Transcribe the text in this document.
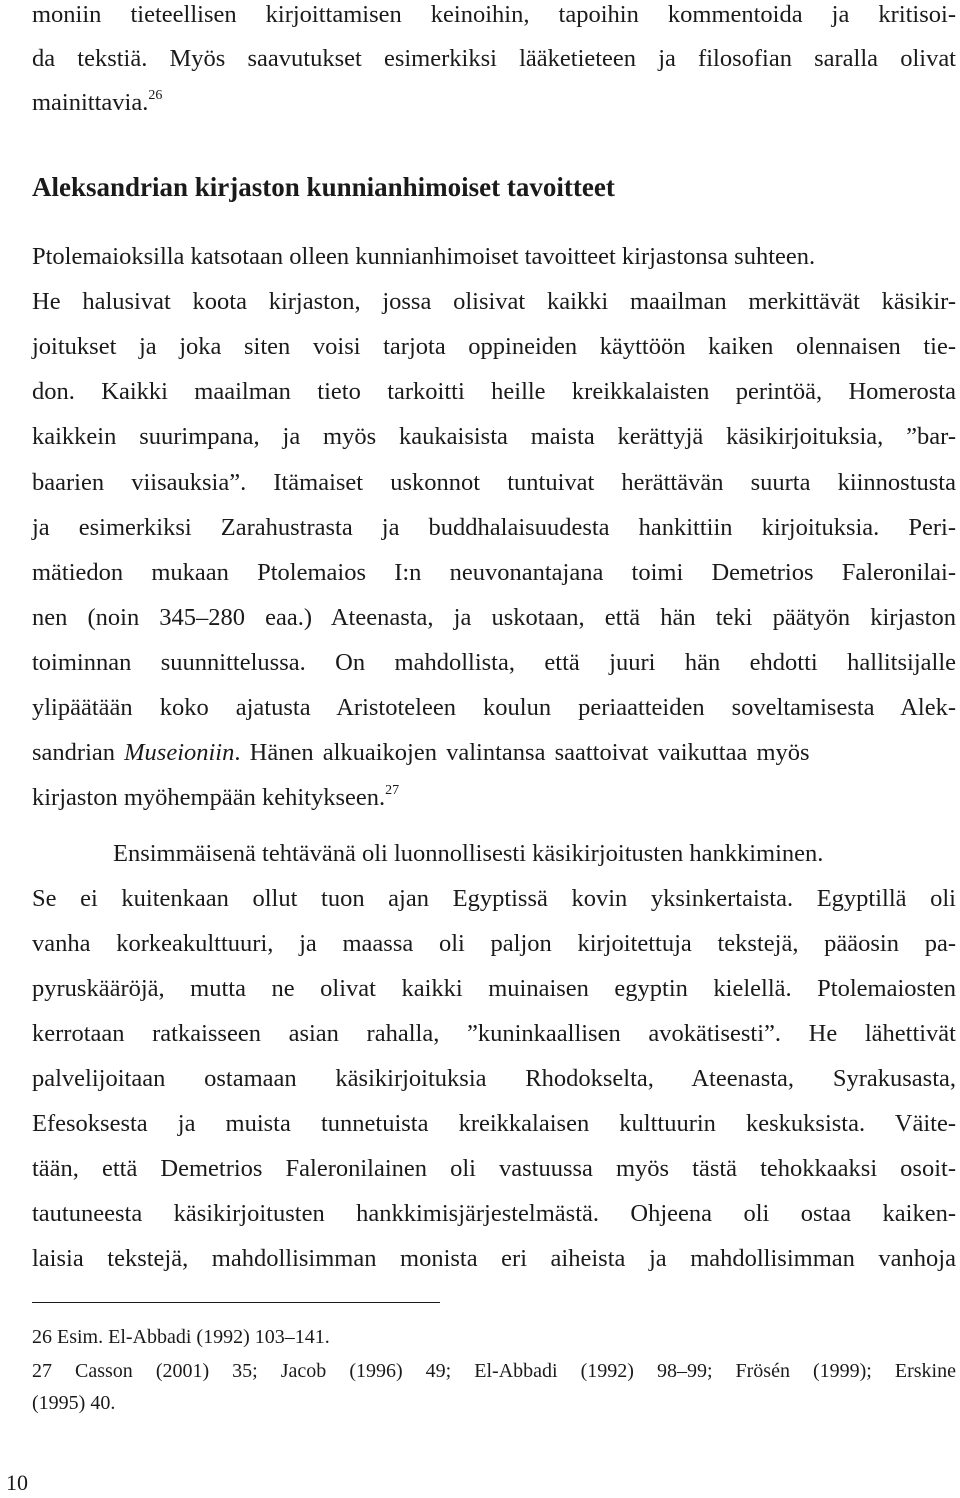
moniin tieteellisen kirjoittamisen keinoihin, tapoihin kommentoida ja kritisoi-
da tekstiä. Myös saavutukset esimerkiksi lääketieteen ja filosofian saralla olivat
mainittavia.$^{26}$
Aleksandrian kirjaston kunnianhimoiset tavoitteet
Ptolemaioksilla katsotaan olleen kunnianhimoiset tavoitteet kirjastonsa suhteen.
He halusivat koota kirjaston, jossa olisivat kaikki maailman merkittävät käsikir-
joitukset ja joka siten voisi tarjota oppineiden käyttöön kaiken olennaisen tie-
don. Kaikki maailman tieto tarkoitti heille kreikkalaisten perintöä, Homerosta
kaikkein suurimpana, ja myös kaukaisista maista kerättyjä käsikirjoituksia, ”bar-
baarien viisauksia”. Itämaiset uskonnot tuntuivat herättävän suurta kiinnostusta
ja esimerkiksi Zarahustrasta ja buddhalaisuudesta hankittiin kirjoituksia. Peri-
mätiedon mukaan Ptolemaios I:n neuvonantajana toimi Demetrios Faleronilai-
nen (noin 345–280 eaa.) Ateenasta, ja uskotaan, että hän teki päätyön kirjaston
toiminnan suunnittelussa. On mahdollista, että juuri hän ehdotti hallitsijalle
ylipäätään koko ajatusta Aristoteleen koulun periaatteiden soveltamisesta Alek-
sandrian Museioniin. Hänen alkuaikojen valintansa saattoivat vaikuttaa myös
kirjaston myöhempään kehitykseen.$^{27}$
Ensimmäisenä tehtävänä oli luonnollisesti käsikirjoitusten hankkiminen.
Se ei kuitenkaan ollut tuon ajan Egyptissä kovin yksinkertaista. Egyptillä oli
vanha korkeakulttuuri, ja maassa oli paljon kirjoitettuja tekstejä, pääosin pa-
pyruskääröjä, mutta ne olivat kaikki muinaisen egyptin kielellä. Ptolemaiosten
kerrotaan ratkaisseen asian rahalla, ”kuninkaallisen avokätisesti”. He lähettivät
palvelijoitaan ostamaan käsikirjoituksia Rhodokselta, Ateenasta, Syrakusasta,
Efesoksesta ja muista tunnetuista kreikkalaisen kulttuurin keskuksista. Väite-
tään, että Demetrios Faleronilainen oli vastuussa myös tästä tehokkaaksi osoit-
tautuneesta käsikirjoitusten hankkimisjärjestelmästä. Ohjeena oli ostaa kaiken-
laisia tekstejä, mahdollisimman monista eri aiheista ja mahdollisimman vanhoja
26 Esim. El-Abbadi (1992) 103–141.
27 Casson (2001) 35; Jacob (1996) 49; El-Abbadi (1992) 98–99; Frösén (1999); Erskine
(1995) 40.
10
